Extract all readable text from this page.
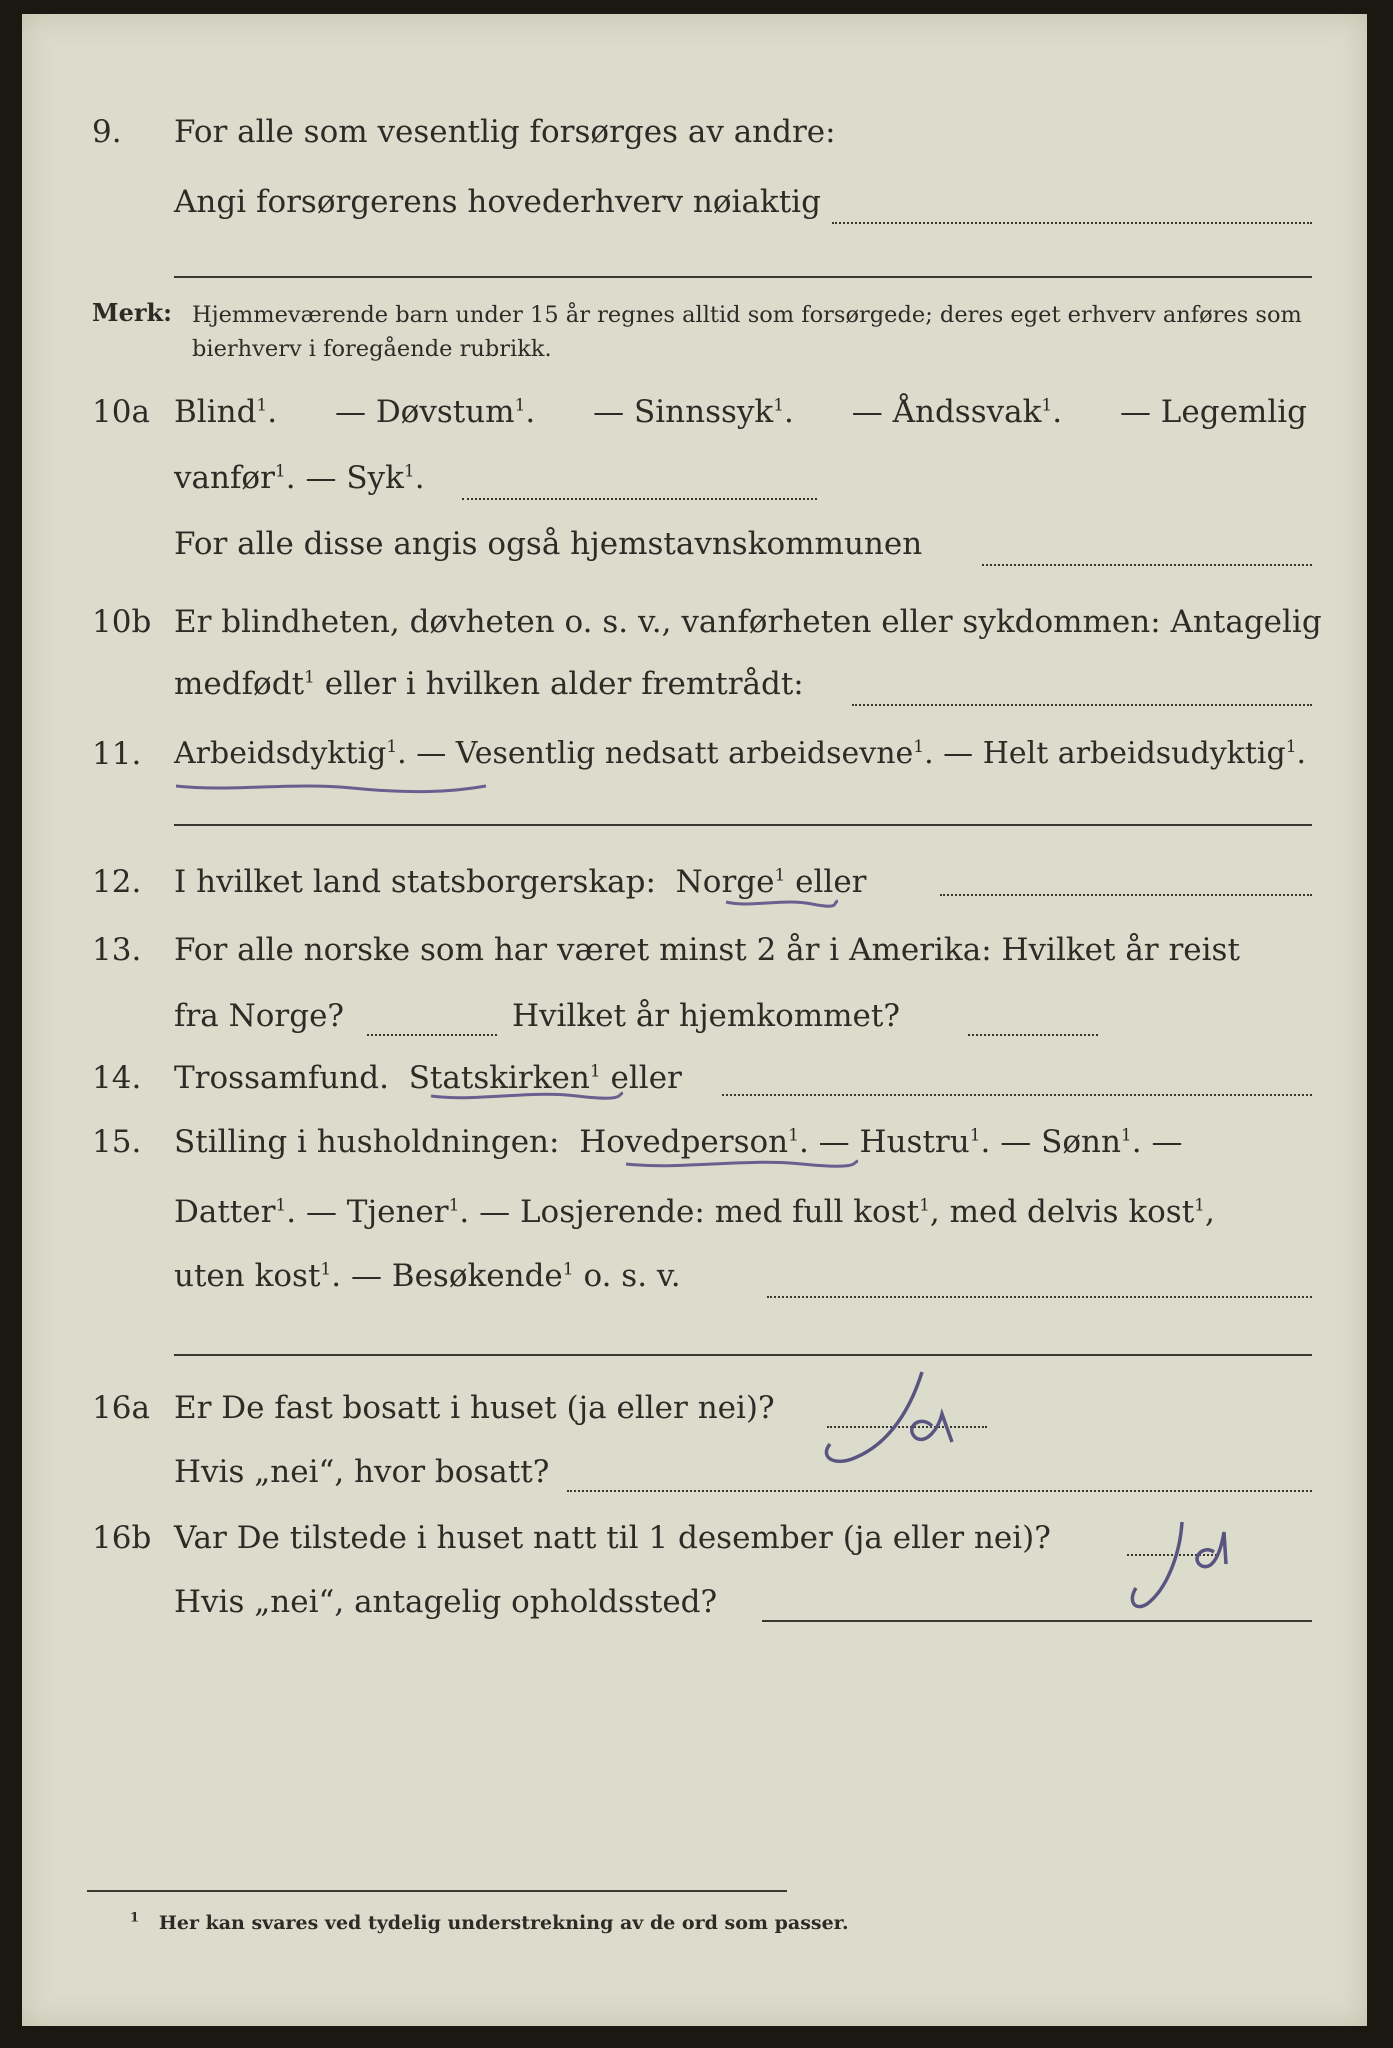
9. For alle som vesentlig forsørges av andre:
Angi forsørgerens hovederhverv nøiaktig
Merk: Hjemmeværende barn under 15 år regnes alltid som forsørgede; deres eget erhverv anføres som bierhverv i foregående rubrikk.
10a Blind$^1$. — Døvstum$^1$. — Sinnssyk$^1$. — Åndssvak$^1$. — Legemlig
vanfør$^1$. — Syk$^1$.
For alle disse angis også hjemstavnskommunen
10b Er blindheten, døvheten o. s. v., vanførheten eller sykdommen: Antagelig
medfødt$^1$ eller i hvilken alder fremtrådt:
11. Arbeidsdyktig$^1$. — Vesentlig nedsatt arbeidsevne$^1$. — Helt arbeidsudyktig$^1$.
12. I hvilket land statsborgerskap: Norge$^1$ eller
13. For alle norske som har været minst 2 år i Amerika: Hvilket år reist
fra Norge?	Hvilket år hjemkommet?
14. Trossamfund. Statskirken$^1$ eller
15. Stilling i husholdningen: Hovedperson$^1$. — Hustru$^1$. — Sønn$^1$. —
Datter$^1$. — Tjener$^1$. — Losjerende: med full kost$^1$, med delvis kost$^1$,
uten kost$^1$. — Besøkende$^1$ o. s. v.
16a Er De fast bosatt i huset (ja eller nei)?
Hvis „nei“, hvor bosatt?
16b Var De tilstede i huset natt til 1 desember (ja eller nei)?
Hvis „nei“, antagelig opholdssted?
$^1$ Her kan svares ved tydelig understrekning av de ord som passer.
